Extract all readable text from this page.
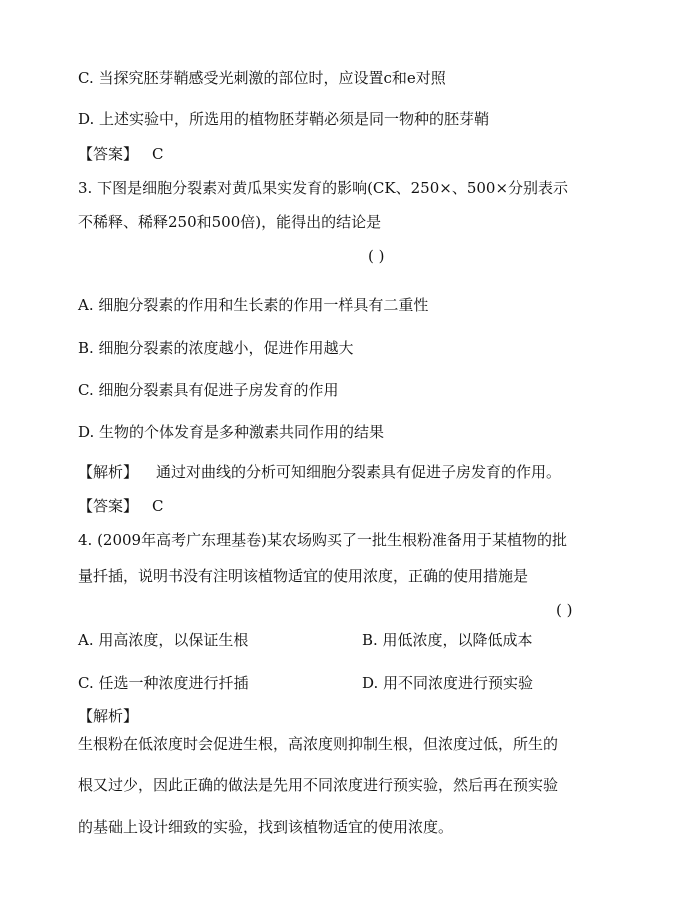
C. 当探究胚芽鞘感受光刺激的部位时，应设置c和e对照
D. 上述实验中，所选用的植物胚芽鞘必须是同一物种的胚芽鞘
【答案】 C
3. 下图是细胞分裂素对黄瓜果实发育的影响(CK、250×、500×分别表示
不稀释、稀释250和500倍)，能得出的结论是
( )
A. 细胞分裂素的作用和生长素的作用一样具有二重性
B. 细胞分裂素的浓度越小，促进作用越大
C. 细胞分裂素具有促进子房发育的作用
D. 生物的个体发育是多种激素共同作用的结果
【解析】 通过对曲线的分析可知细胞分裂素具有促进子房发育的作用。
【答案】 C
4. (2009年高考广东理基卷)某农场购买了一批生根粉准备用于某植物的批
量扦插，说明书没有注明该植物适宜的使用浓度，正确的使用措施是
( )
A. 用高浓度，以保证生根	B. 用低浓度，以降低成本
C. 任选一种浓度进行扦插	D. 用不同浓度进行预实验
【解析】
生根粉在低浓度时会促进生根，高浓度则抑制生根，但浓度过低，所生的
根又过少，因此正确的做法是先用不同浓度进行预实验，然后再在预实验
的基础上设计细致的实验，找到该植物适宜的使用浓度。
